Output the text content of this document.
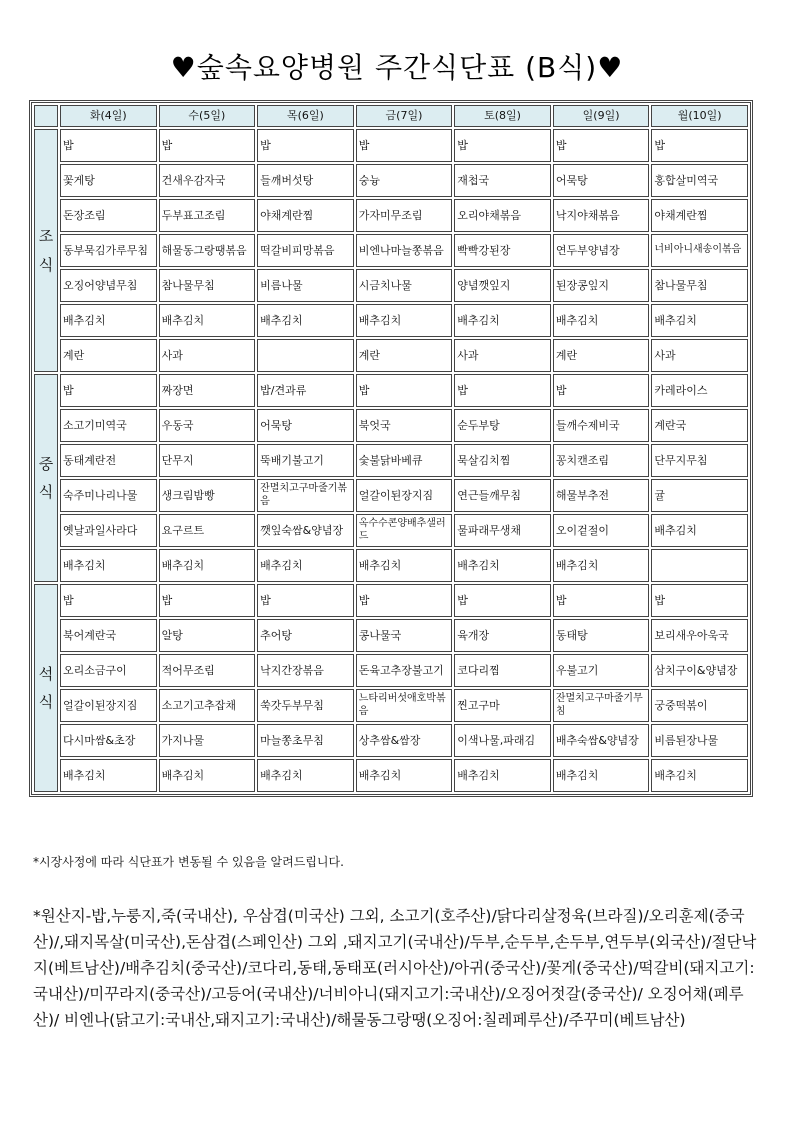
♥숲속요양병원 주간식단표 (B식)♥
	화(4일)	수(5일)	목(6일)	금(7일)	토(8일)	일(9일)	월(10일)

조
식	밥	밥	밥	밥	밥	밥	밥
	꽃게탕	건새우감자국	들깨버섯탕	숭늉	재첩국	어묵탕	홍합살미역국
	돈장조림	두부표고조림	야채계란찜	가자미무조림	오리야채볶음	낙지야채볶음	야채계란찜
	동부묵김가루무침	해물동그랑땡볶음	떡갈비피망볶음	비엔나마늘쫑볶음	빡빡강된장	연두부양념장	너비아니새송이볶음
	오징어양념무침	참나물무침	비름나물	시금치나물	양념깻잎지	된장콩잎지	참나물무침
	배추김치	배추김치	배추김치	배추김치	배추김치	배추김치	배추김치
	계란	사과		계란	사과	계란	사과

중
식	밥	짜장면	밥/견과류	밥	밥	밥	카레라이스
	소고기미역국	우동국	어묵탕	북엇국	순두부탕	들깨수제비국	계란국
	동태계란전	단무지	뚝배기불고기	숯불닭바베큐	묵살김치찜	꽁치캔조림	단무지무침
	숙주미나리나물	생크림밤빵	잔멸치고구마줄기볶음	얼갈이된장지짐	연근들깨무침	해물부추전	귤
	옛날과일사라다	요구르트	깻잎숙쌈&양념장	옥수수콘양배추샐러드	물파래무생채	오이겉절이	배추김치
	배추김치	배추김치	배추김치	배추김치	배추김치	배추김치	

석
식	밥	밥	밥	밥	밥	밥	밥
	북어계란국	알탕	추어탕	콩나물국	육개장	동태탕	보리새우아욱국
	오리소금구이	적어무조림	낙지간장볶음	돈육고추장불고기	코다리찜	우불고기	삼치구이&양념장
	얼갈이된장지짐	소고기고추잡채	쑥갓두부무침	느타리버섯애호박볶음	찐고구마	잔멸치고구마줄기무침	궁중떡볶이
	다시마쌈&초장	가지나물	마늘쫑초무침	상추쌈&쌈장	이색나물,파래김	배추숙쌈&양념장	비름된장나물
	배추김치	배추김치	배추김치	배추김치	배추김치	배추김치	배추김치
*시장사정에 따라 식단표가 변동될 수 있음을 알려드립니다.
*원산지-밥,누룽지,죽(국내산), 우삼겹(미국산) 그외, 소고기(호주산)/닭다리살정육(브라질)/오리훈제(중국산)/,돼지목살(미국산),돈삼겹(스페인산) 그외 ,돼지고기(국내산)/두부,순두부,손두부,연두부(외국산)/절단낙지(베트남산)/배추김치(중국산)/코다리,동태,동태포(러시아산)/아귀(중국산)/꽃게(중국산)/떡갈비(돼지고기:국내산)/미꾸라지(중국산)/고등어(국내산)/너비아니(돼지고기:국내산)/오징어젓갈(중국산)/ 오징어채(페루산)/ 비엔나(닭고기:국내산,돼지고기:국내산)/해물동그랑땡(오징어:칠레페루산)/주꾸미(베트남산)
